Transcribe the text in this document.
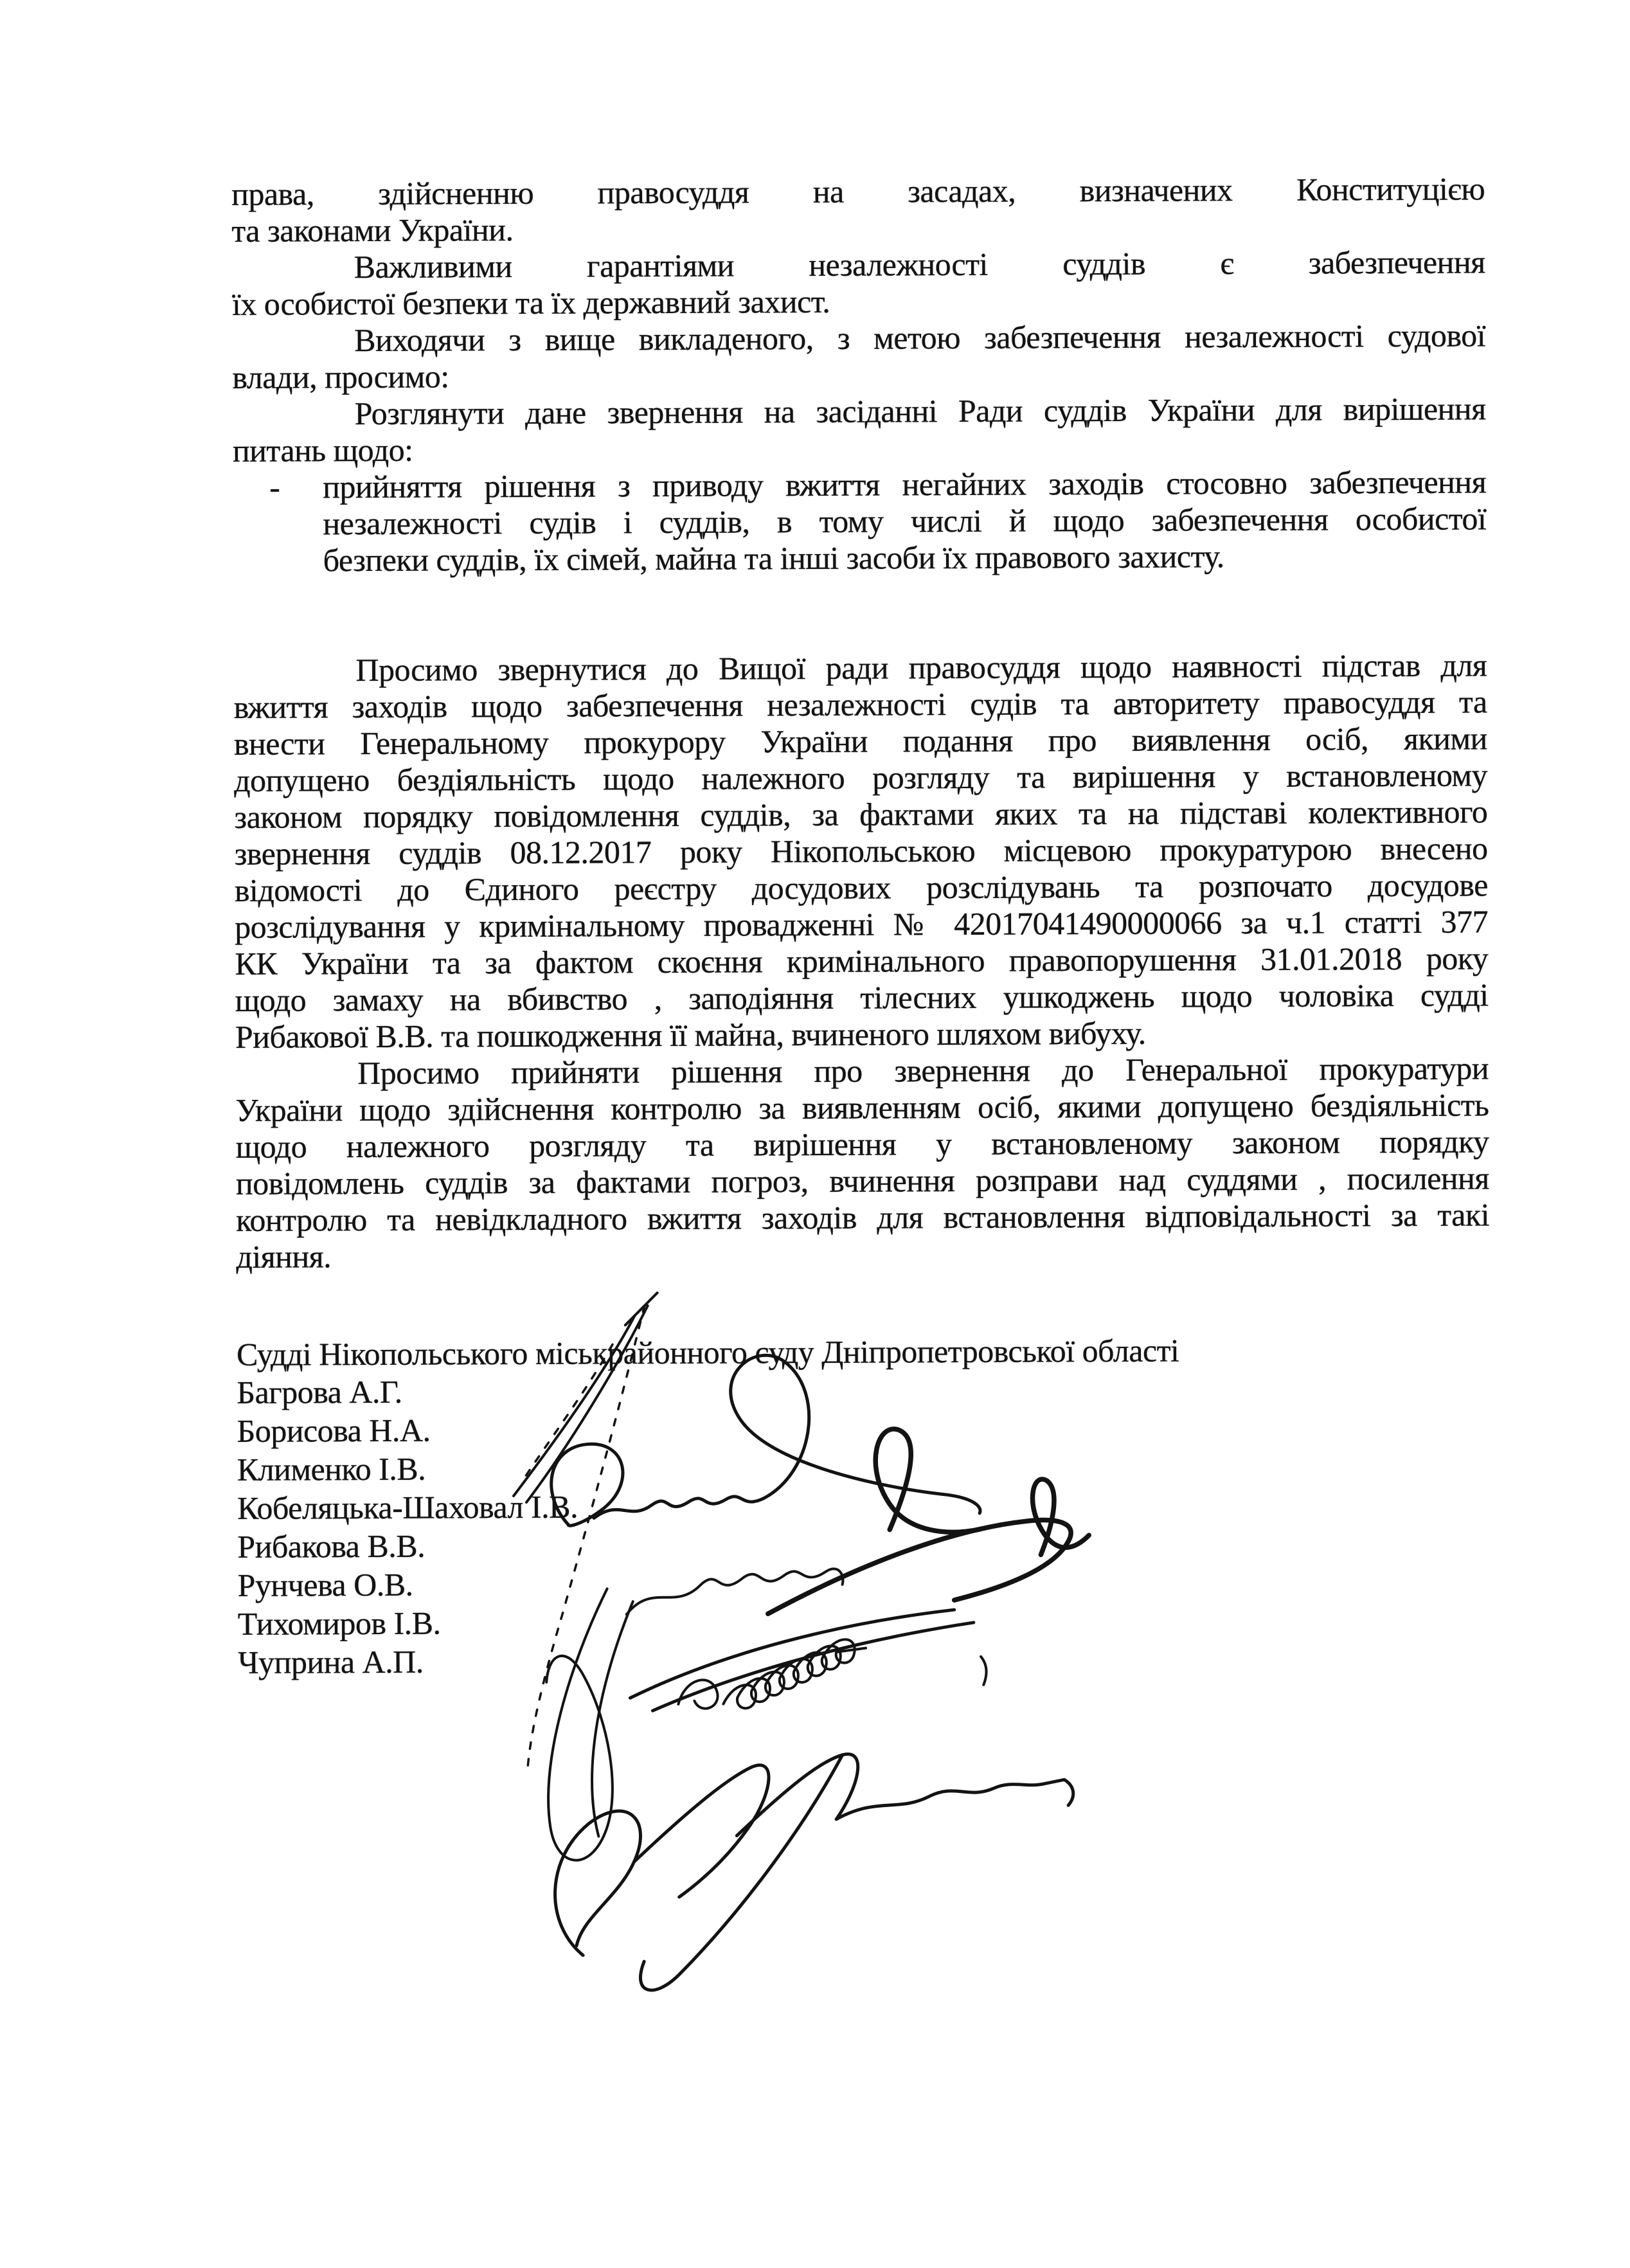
права, здійсненню правосуддя на засадах, визначених Конституцією
та законами України.
Важливими гарантіями незалежності суддів є забезпечення
їх особистої безпеки та їх державний захист.
Виходячи з вище викладеного, з метою забезпечення незалежності судової
влади, просимо:
Розглянути дане звернення на засіданні Ради суддів України для вирішення
питань щодо:
- прийняття рішення з приводу вжиття негайних заходів стосовно забезпечення
незалежності судів і суддів, в тому числі й щодо забезпечення особистої
безпеки суддів, їх сімей, майна та інші засоби їх правового захисту.
Просимо звернутися до Вищої ради правосуддя щодо наявності підстав для
вжиття заходів щодо забезпечення незалежності судів та авторитету правосуддя та
внести Генеральному прокурору України подання про виявлення осіб, якими
допущено бездіяльність щодо належного розгляду та вирішення у встановленому
законом порядку повідомлення суддів, за фактами яких та на підставі колективного
звернення суддів 08.12.2017 року Нікопольською місцевою прокуратурою внесено
відомості до Єдиного реєстру досудових розслідувань та розпочато досудове
розслідування у кримінальному провадженні № 42017041490000066 за ч.1 статті 377
КК України та за фактом скоєння кримінального правопорушення 31.01.2018 року
щодо замаху на вбивство , заподіяння тілесних ушкоджень щодо чоловіка судді
Рибакової В.В. та пошкодження її майна, вчиненого шляхом вибуху.
Просимо прийняти рішення про звернення до Генеральної прокуратури
України щодо здійснення контролю за виявленням осіб, якими допущено бездіяльність
щодо належного розгляду та вирішення у встановленому законом порядку
повідомлень суддів за фактами погроз, вчинення розправи над суддями , посилення
контролю та невідкладного вжиття заходів для встановлення відповідальності за такі
діяння.
Судді Нікопольського міськрайонного суду Дніпропетровської області
Багрова А.Г.
Борисова Н.А.
Клименко І.В.
Кобеляцька-Шаховал І.В.
Рибакова В.В.
Рунчева О.В.
Тихомиров І.В.
Чуприна А.П.
